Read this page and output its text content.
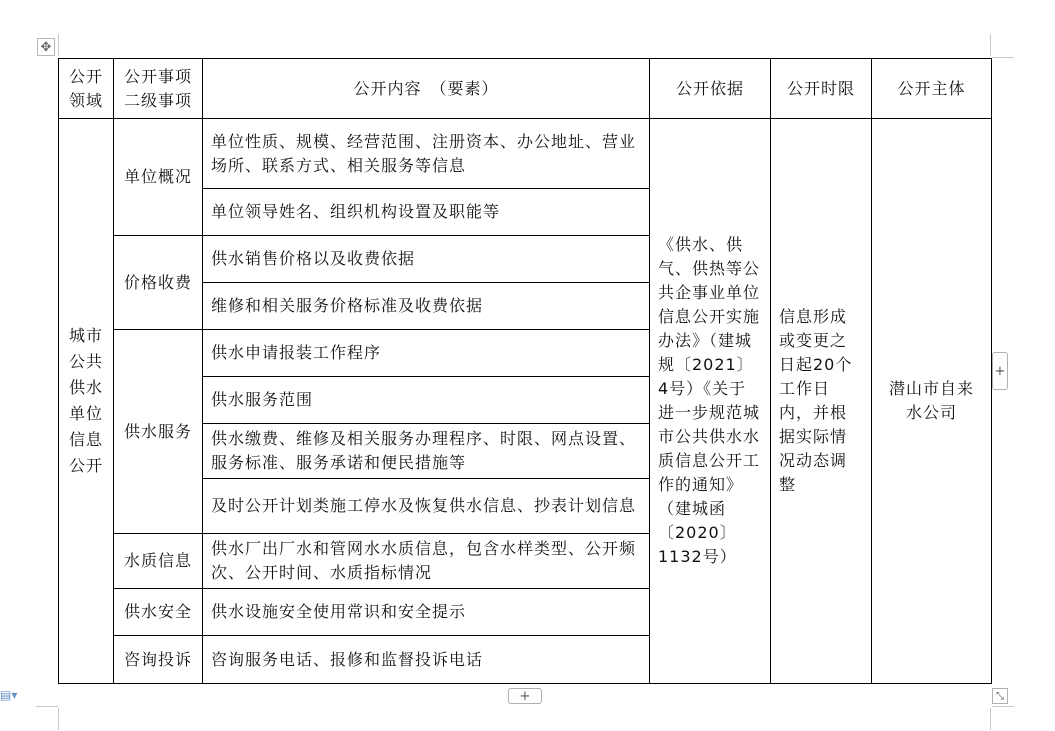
✥
公开领域	公开事项二级事项	公开内容　（要素）	公开依据	公开时限	公开主体
城市公共供水单位信息公开	单位概况	单位性质、规模、经营范围、注册资本、办公地址、营业场所、联系方式、相关服务等信息	《供水、供气、供热等公共企事业单位信息公开实施办法》（建城规〔2021〕4号）《关于进一步规范城市公共供水水质信息公开工作的通知》（建城函〔2020〕1132号）	信息形成或变更之日起20个工作日内，并根据实际情况动态调整	潜山市自来水公司
		单位领导姓名、组织机构设置及职能等			
	价格收费	供水销售价格以及收费依据			
		维修和相关服务价格标准及收费依据			
	供水服务	供水申请报装工作程序			
		供水服务范围			
		供水缴费、维修及相关服务办理程序、时限、网点设置、服务标准、服务承诺和便民措施等			
		及时公开计划类施工停水及恢复供水信息、抄表计划信息			
	水质信息	供水厂出厂水和管网水水质信息，包含水样类型、公开频次、公开时间、水质指标情况			
	供水安全	供水设施安全使用常识和安全提示			
	咨询投诉	咨询服务电话、报修和监督投诉电话			
+
+	⤡
▤▾
